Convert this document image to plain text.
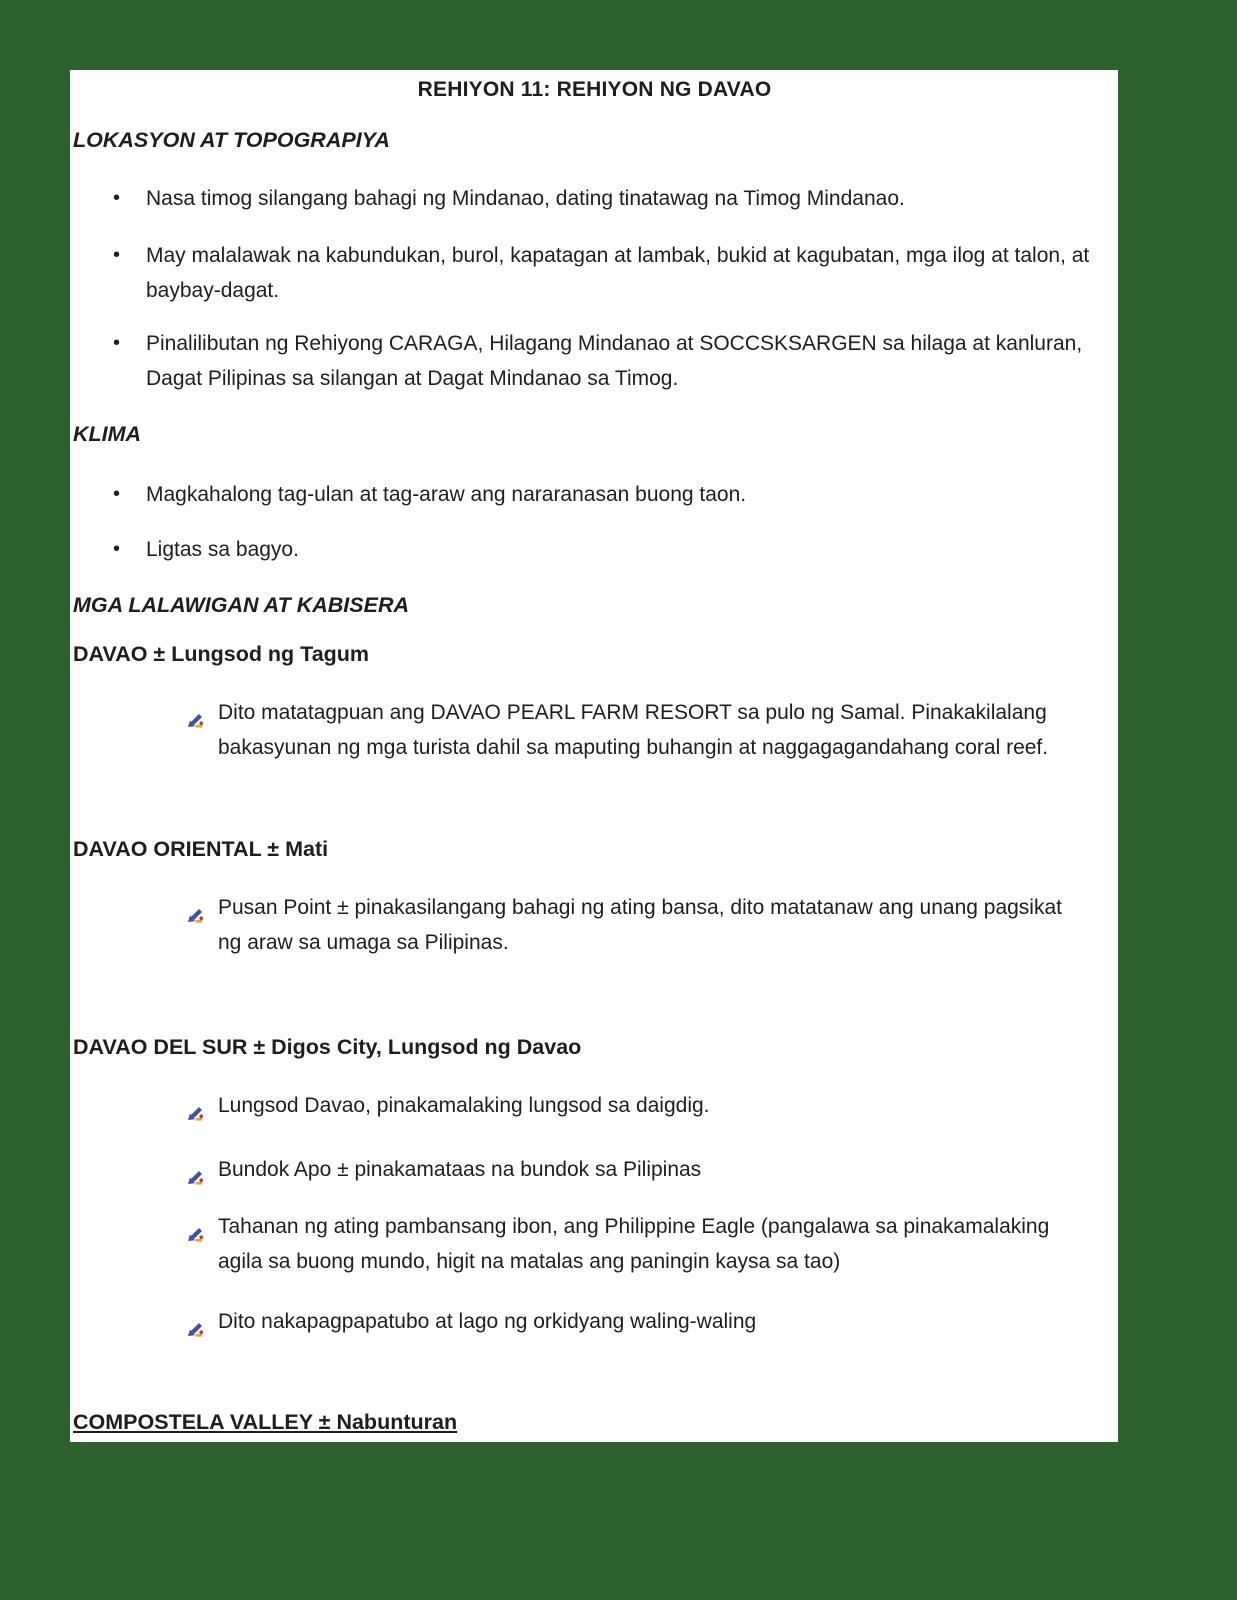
REHIYON 11: REHIYON NG DAVAO
LOKASYON AT TOPOGRAPIYA
•	Nasa timog silangang bahagi ng Mindanao, dating tinatawag na Timog Mindanao.
•	May malalawak na kabundukan, burol, kapatagan at lambak, bukid at kagubatan, mga ilog at talon, at baybay-dagat.
•	Pinalilibutan ng Rehiyong CARAGA, Hilagang Mindanao at SOCCSKSARGEN sa hilaga at kanluran, Dagat Pilipinas sa silangan at Dagat Mindanao sa Timog.
KLIMA
•	Magkahalong tag-ulan at tag-araw ang nararanasan buong taon.
•	Ligtas sa bagyo.
MGA LALAWIGAN AT KABISERA
DAVAO ± Lungsod ng Tagum
Dito matatagpuan ang DAVAO PEARL FARM RESORT sa pulo ng Samal. Pinakakilalang bakasyunan ng mga turista dahil sa maputing buhangin at naggagagandahang coral reef.
DAVAO ORIENTAL ± Mati
Pusan Point ± pinakasilangang bahagi ng ating bansa, dito matatanaw ang unang pagsikat ng araw sa umaga sa Pilipinas.
DAVAO DEL SUR ± Digos City, Lungsod ng Davao
Lungsod Davao, pinakamalaking lungsod sa daigdig.
Bundok Apo ± pinakamataas na bundok sa Pilipinas
Tahanan ng ating pambansang ibon, ang Philippine Eagle (pangalawa sa pinakamalaking agila sa buong mundo, higit na matalas ang paningin kaysa sa tao)
Dito nakapagpapatubo at lago ng orkidyang waling-waling
COMPOSTELA VALLEY ± Nabunturan
